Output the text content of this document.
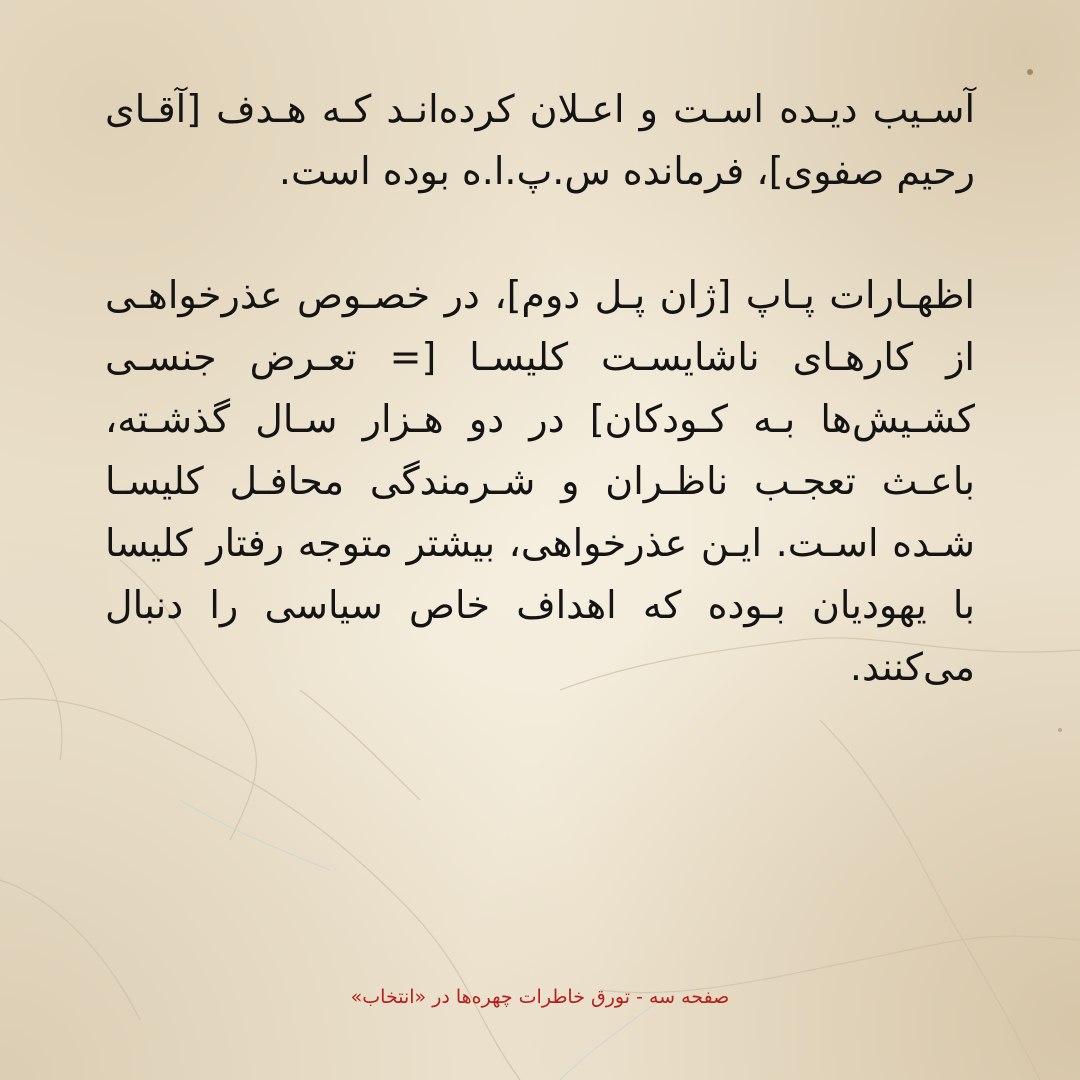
آسـیب دیـده اسـت و اعـلان کرده‌انـد کـه هـدف [آقـای رحیم صفوی]، فرمانده س.پ.ا.ه بوده است.

اظهـارات پـاپ [ژان پـل دوم]، در خصـوص عذرخواهـی از کارهـای ناشایسـت کلیسـا [= تعـرض جنسـی کشـیش‌ها بـه کـودکان] در دو هـزار سـال گذشـته، باعـث تعجـب ناظـران و شـرمندگی محافـل کلیسـا شـده اسـت. ایـن عذرخواهی، بیشتر متوجه رفتار کلیسا با یهودیان بـوده که اهداف خاص سیاسی را دنبال می‌کنند.

صفحه سه - تورق خاطرات چهره‌ها در «انتخاب»
